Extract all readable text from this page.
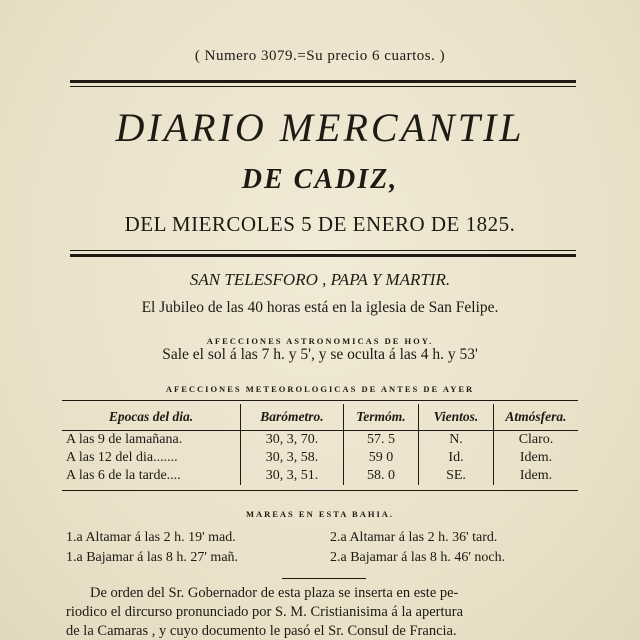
( Numero 3079.=Su precio 6 cuartos. )
DIARIO MERCANTIL
DE CADIZ,
DEL MIERCOLES 5 DE ENERO DE 1825.
SAN TELESFORO , PAPA Y MARTIR.
El Jubileo de las 40 horas está en la iglesia de San Felipe.
AFECCIONES ASTRONOMICAS DE HOY.
Sale el sol á las 7 h. y 5', y se oculta á las 4 h. y 53'
AFECCIONES METEOROLOGICAS DE ANTES DE AYER
Epocas del dia.	Barómetro.	Termóm.	Vientos.	Atmósfera.
A las 9 de lamañana.	30, 3, 70.	57. 5	N.	Claro.
A las 12 del dia.......	30, 3, 58.	59 0	Id.	Idem.
A las 6 de la tarde....	30, 3, 51.	58. 0	SE.	Idem.
MAREAS EN ESTA BAHIA.
1.a Altamar á las 2 h. 19' mad.	2.a Altamar á las 2 h. 36' tard.
1.a Bajamar á las 8 h. 27' mañ.	2.a Bajamar á las 8 h. 46' noch.

De orden del Sr. Gobernador de esta plaza se inserta en este pe-

riodico el dircurso pronunciado por S. M. Cristianisima á la apertura
de la Camaras , y cuyo documento le pasó el Sr. Consul de Francia.
